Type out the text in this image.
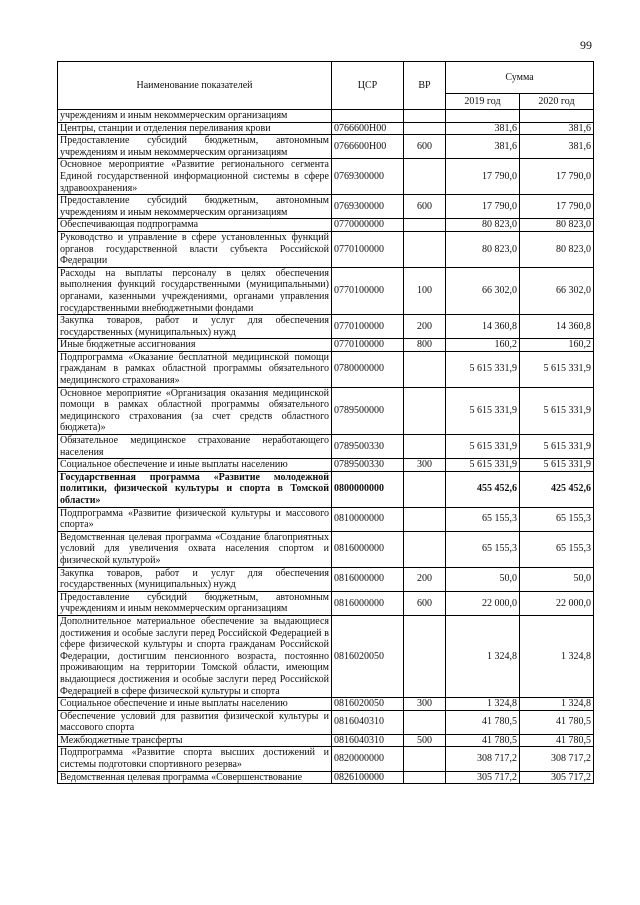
99
Наименование показателей	ЦСР	ВР	Сумма	
			2019 год	2020 год
учреждениям и иным некоммерческим организациям				
Центры, станции и отделения переливания крови	0766600Н00		381,6	381,6
Предоставление субсидий бюджетным, автономным учреждениям и иным некоммерческим организациям	0766600Н00	600	381,6	381,6
Основное мероприятие «Развитие регионального сегмента Единой государственной информационной системы в сфере здравоохранения»	0769300000		17 790,0	17 790,0
Предоставление субсидий бюджетным, автономным учреждениям и иным некоммерческим организациям	0769300000	600	17 790,0	17 790,0
Обеспечивающая подпрограмма	0770000000		80 823,0	80 823,0
Руководство и управление в сфере установленных функций органов государственной власти субъекта Российской Федерации	0770100000		80 823,0	80 823,0
Расходы на выплаты персоналу в целях обеспечения выполнения функций государственными (муниципальными) органами, казенными учреждениями, органами управления государственными внебюджетными фондами	0770100000	100	66 302,0	66 302,0
Закупка товаров, работ и услуг для обеспечения государственных (муниципальных) нужд	0770100000	200	14 360,8	14 360,8
Иные бюджетные ассигнования	0770100000	800	160,2	160,2
Подпрограмма «Оказание бесплатной медицинской помощи гражданам в рамках областной программы обязательного медицинского страхования»	0780000000		5 615 331,9	5 615 331,9
Основное мероприятие «Организация оказания медицинской помощи в рамках областной программы обязательного медицинского страхования (за счет средств областного бюджета)»	0789500000		5 615 331,9	5 615 331,9
Обязательное медицинское страхование неработающего населения	0789500330		5 615 331,9	5 615 331,9
Социальное обеспечение и иные выплаты населению	0789500330	300	5 615 331,9	5 615 331,9
Государственная программа «Развитие молодежной политики, физической культуры и спорта в Томской области»	0800000000		455 452,6	425 452,6
Подпрограмма «Развитие физической культуры и массового спорта»	0810000000		65 155,3	65 155,3
Ведомственная целевая программа «Создание благоприятных условий для увеличения охвата населения спортом и физической культурой»	0816000000		65 155,3	65 155,3
Закупка товаров, работ и услуг для обеспечения государственных (муниципальных) нужд	0816000000	200	50,0	50,0
Предоставление субсидий бюджетным, автономным учреждениям и иным некоммерческим организациям	0816000000	600	22 000,0	22 000,0
Дополнительное материальное обеспечение за выдающиеся достижения и особые заслуги перед Российской Федерацией в сфере физической культуры и спорта гражданам Российской Федерации, достигшим пенсионного возраста, постоянно проживающим на территории Томской области, имеющим выдающиеся достижения и особые заслуги перед Российской Федерацией в сфере физической культуры и спорта	0816020050		1 324,8	1 324,8
Социальное обеспечение и иные выплаты населению	0816020050	300	1 324,8	1 324,8
Обеспечение условий для развития физической культуры и массового спорта	0816040310		41 780,5	41 780,5
Межбюджетные трансферты	0816040310	500	41 780,5	41 780,5
Подпрограмма «Развитие спорта высших достижений и системы подготовки спортивного резерва»	0820000000		308 717,2	308 717,2
Ведомственная целевая программа «Совершенствование	0826100000		305 717,2	305 717,2
